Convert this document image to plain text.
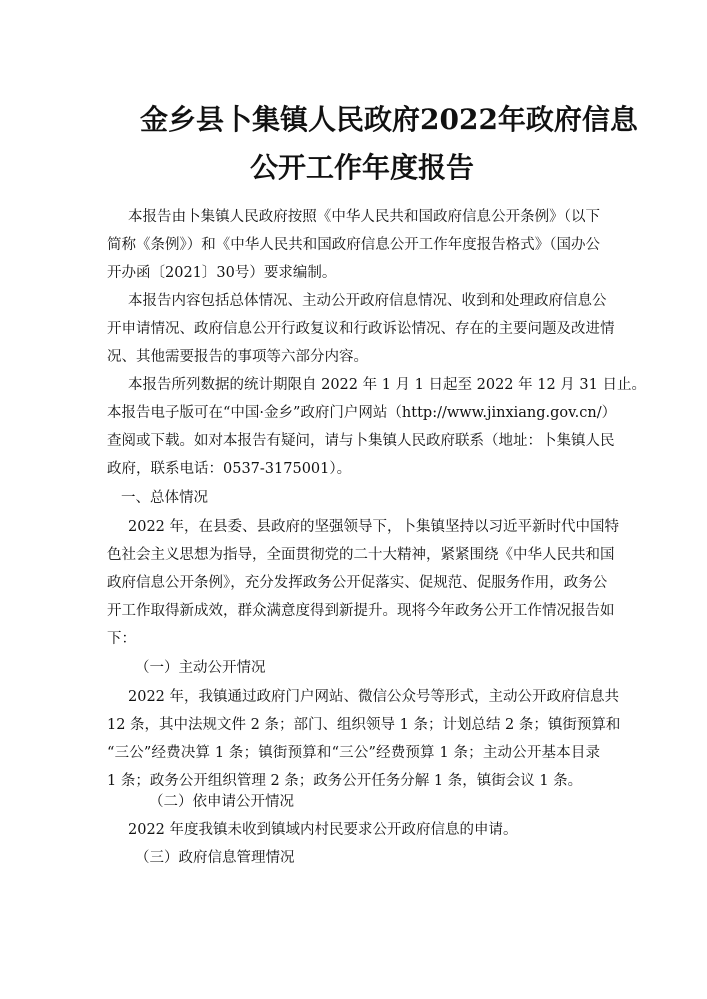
金乡县卜集镇人民政府2022年政府信息
公开工作年度报告
本报告由卜集镇人民政府按照《中华人民共和国政府信息公开条例》（以下
简称《条例》）和《中华人民共和国政府信息公开工作年度报告格式》（国办公
开办函〔2021〕30号）要求编制。
本报告内容包括总体情况、主动公开政府信息情况、收到和处理政府信息公
开申请情况、政府信息公开行政复议和行政诉讼情况、存在的主要问题及改进情
况、其他需要报告的事项等六部分内容。
本报告所列数据的统计期限自 2022 年 1 月 1 日起至 2022 年 12 月 31 日止。
本报告电子版可在“中国·金乡”政府门户网站（http://www.jinxiang.gov.cn/）
查阅或下载。如对本报告有疑问，请与卜集镇人民政府联系（地址：卜集镇人民
政府，联系电话：0537-3175001）。
一、总体情况
2022 年，在县委、县政府的坚强领导下，卜集镇坚持以习近平新时代中国特
色社会主义思想为指导，全面贯彻党的二十大精神，紧紧围绕《中华人民共和国
政府信息公开条例》，充分发挥政务公开促落实、促规范、促服务作用，政务公
开工作取得新成效，群众满意度得到新提升。现将今年政务公开工作情况报告如
下：
（一）主动公开情况
2022 年，我镇通过政府门户网站、微信公众号等形式，主动公开政府信息共
12 条，其中法规文件 2 条；部门、组织领导 1 条；计划总结 2 条；镇街预算和
“三公”经费决算 1 条；镇街预算和“三公”经费预算 1 条；主动公开基本目录
1 条；政务公开组织管理 2 条；政务公开任务分解 1 条，镇街会议 1 条。
（二）依申请公开情况
2022 年度我镇未收到镇域内村民要求公开政府信息的申请。
（三）政府信息管理情况
